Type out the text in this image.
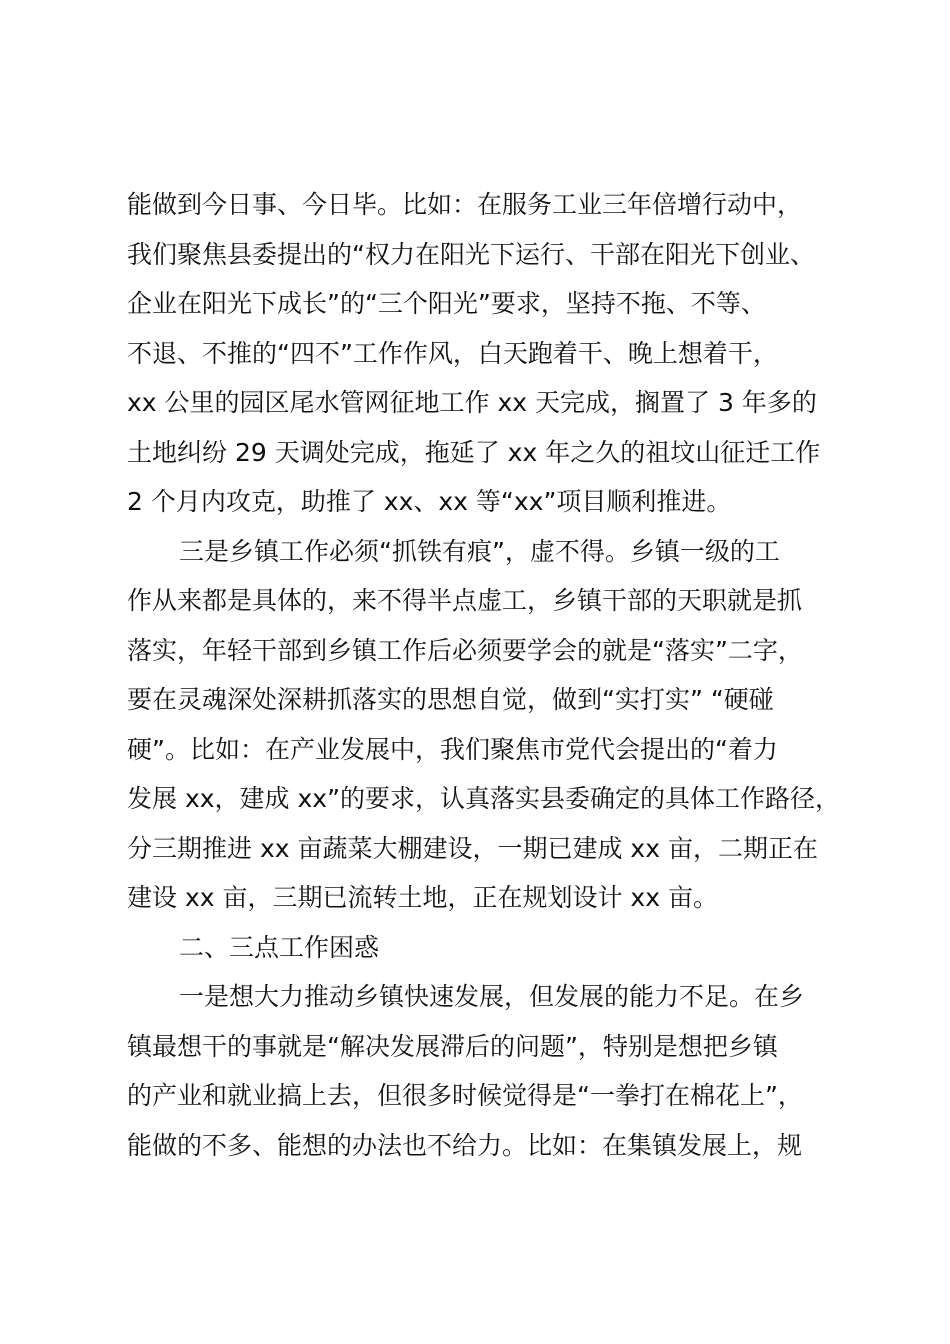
能做到今日事、今日毕。比如：在服务工业三年倍增行动中，
我们聚焦县委提出的“权力在阳光下运行、干部在阳光下创业、
企业在阳光下成长”的“三个阳光”要求，坚持不拖、不等、
不退、不推的“四不”工作作风，白天跑着干、晚上想着干，
xx 公里的园区尾水管网征地工作 xx 天完成，搁置了 3 年多的
土地纠纷 29 天调处完成，拖延了 xx 年之久的祖坟山征迁工作
2 个月内攻克，助推了 xx、xx 等“xx”项目顺利推进。
三是乡镇工作必须“抓铁有痕”，虚不得。乡镇一级的工
作从来都是具体的，来不得半点虚工，乡镇干部的天职就是抓
落实，年轻干部到乡镇工作后必须要学会的就是“落实”二字，
要在灵魂深处深耕抓落实的思想自觉，做到“实打实” “硬碰
硬”。比如：在产业发展中，我们聚焦市党代会提出的“着力
发展 xx，建成 xx”的要求，认真落实县委确定的具体工作路径，
分三期推进 xx 亩蔬菜大棚建设，一期已建成 xx 亩，二期正在
建设 xx 亩，三期已流转土地，正在规划设计 xx 亩。
二、三点工作困惑
一是想大力推动乡镇快速发展，但发展的能力不足。在乡
镇最想干的事就是“解决发展滞后的问题”，特别是想把乡镇
的产业和就业搞上去，但很多时候觉得是“一拳打在棉花上”，
能做的不多、能想的办法也不给力。比如：在集镇发展上，规
